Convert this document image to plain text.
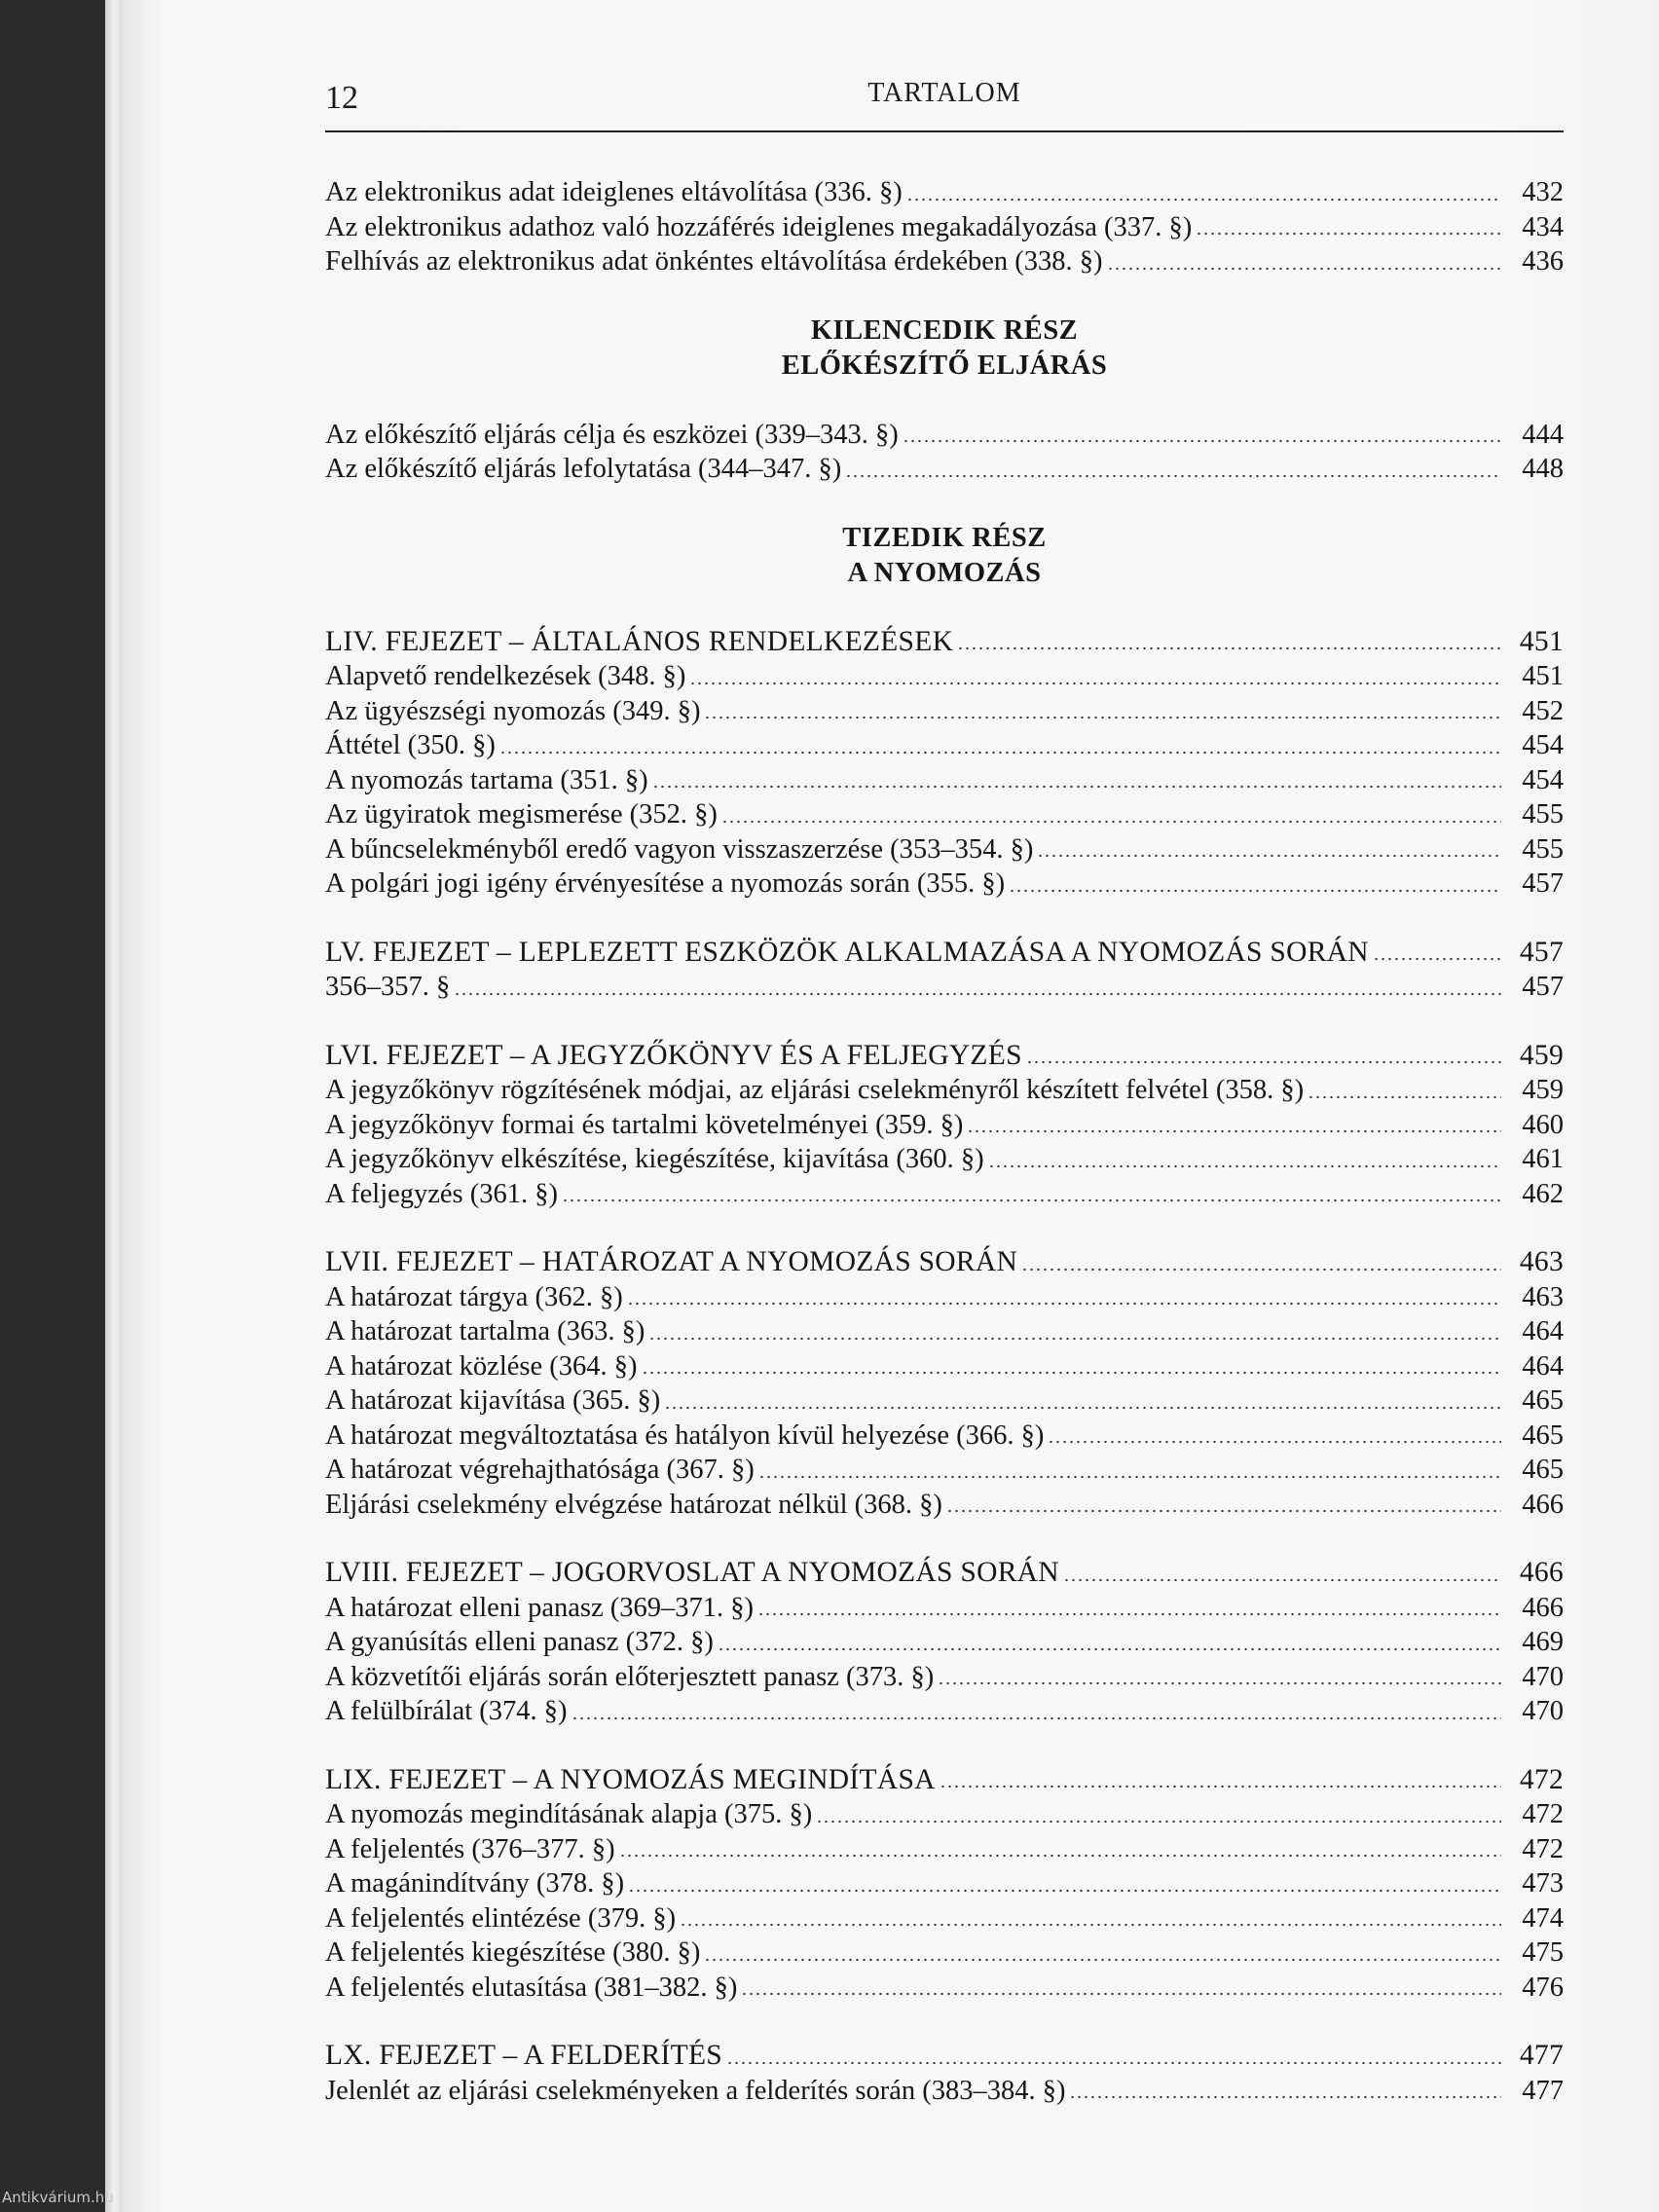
12	TARTALOM
Az elektronikus adat ideiglenes eltávolítása (336. §)	432
Az elektronikus adathoz való hozzáférés ideiglenes megakadályozása (337. §)	434
Felhívás az elektronikus adat önkéntes eltávolítása érdekében (338. §)	436
KILENCEDIK RÉSZ
ELŐKÉSZÍTŐ ELJÁRÁS
Az előkészítő eljárás célja és eszközei (339–343. §)	444
Az előkészítő eljárás lefolytatása (344–347. §)	448
TIZEDIK RÉSZ
A NYOMOZÁS
LIV. FEJEZET – ÁLTALÁNOS RENDELKEZÉSEK	451
Alapvető rendelkezések (348. §)	451
Az ügyészségi nyomozás (349. §)	452
Áttétel (350. §)	454
A nyomozás tartama (351. §)	454
Az ügyiratok megismerése (352. §)	455
A bűncselekményből eredő vagyon visszaszerzése (353–354. §)	455
A polgári jogi igény érvényesítése a nyomozás során (355. §)	457
LV. FEJEZET – LEPLEZETT ESZKÖZÖK ALKALMAZÁSA A NYOMOZÁS SORÁN	457
356–357. §	457
LVI. FEJEZET – A JEGYZŐKÖNYV ÉS A FELJEGYZÉS	459
A jegyzőkönyv rögzítésének módjai, az eljárási cselekményről készített felvétel (358. §)	459
A jegyzőkönyv formai és tartalmi követelményei (359. §)	460
A jegyzőkönyv elkészítése, kiegészítése, kijavítása (360. §)	461
A feljegyzés (361. §)	462
LVII. FEJEZET – HATÁROZAT A NYOMOZÁS SORÁN	463
A határozat tárgya (362. §)	463
A határozat tartalma (363. §)	464
A határozat közlése (364. §)	464
A határozat kijavítása (365. §)	465
A határozat megváltoztatása és hatályon kívül helyezése (366. §)	465
A határozat végrehajthatósága (367. §)	465
Eljárási cselekmény elvégzése határozat nélkül (368. §)	466
LVIII. FEJEZET – JOGORVOSLAT A NYOMOZÁS SORÁN	466
A határozat elleni panasz (369–371. §)	466
A gyanúsítás elleni panasz (372. §)	469
A közvetítői eljárás során előterjesztett panasz (373. §)	470
A felülbírálat (374. §)	470
LIX. FEJEZET – A NYOMOZÁS MEGINDÍTÁSA	472
A nyomozás megindításának alapja (375. §)	472
A feljelentés (376–377. §)	472
A magánindítvány (378. §)	473
A feljelentés elintézése (379. §)	474
A feljelentés kiegészítése (380. §)	475
A feljelentés elutasítása (381–382. §)	476
LX. FEJEZET – A FELDERÍTÉS	477
Jelenlét az eljárási cselekményeken a felderítés során (383–384. §)	477
Antikvárium.hu
